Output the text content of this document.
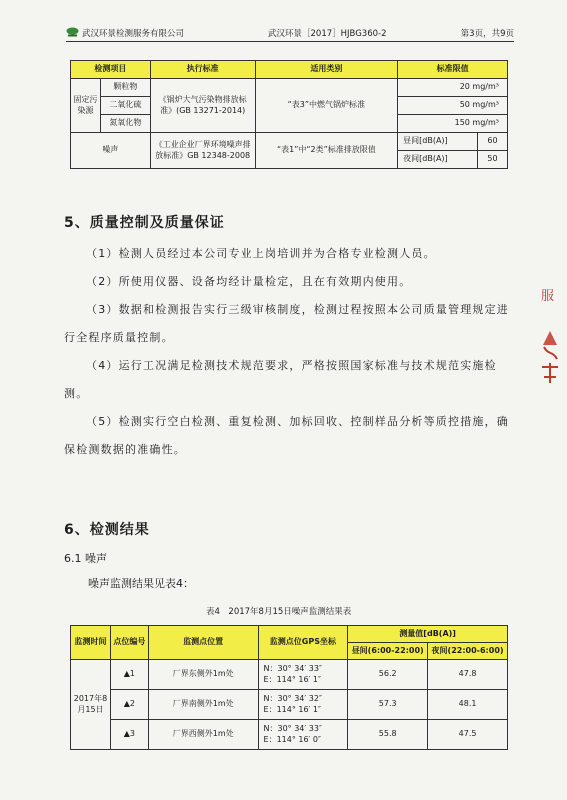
武汉环景检测服务有限公司	武汉环景［2017］HJBG360-2	第3页，共9页
检测项目		执行标准	适用类别	标准限值	
固定污染源	颗粒物	《锅炉大气污染物排放标准》(GB 13271-2014)	“表3”中燃气锅炉标准	20 mg/m³	
	二氧化硫			50 mg/m³	
	氮氧化物			150 mg/m³	
噪声		《工业企业厂界环境噪声排放标准》GB 12348-2008	“表1”中“2类”标准排放限值	昼间[dB(A)]	60
				夜间[dB(A)]	50
5、质量控制及质量保证

（1）检测人员经过本公司专业上岗培训并为合格专业检测人员。

（2）所使用仪器、设备均经计量检定，且在有效期内使用。

（3）数据和检测报告实行三级审核制度，检测过程按照本公司质量管理规定进行全程序质量控制。

（4）运行工况满足检测技术规范要求，严格按照国家标准与技术规范实施检测。

（5）检测实行空白检测、重复检测、加标回收、控制样品分析等质控措施，确保检测数据的准确性。

6、检测结果
6.1 噪声
噪声监测结果见表4：
表4　2017年8月15日噪声监测结果表
监测时间	点位编号	监测点位置	监测点位GPS坐标	测量值[dB(A)]	
				昼间(6:00-22:00)	夜间(22:00-6:00)
2017年8月15日	▲1	厂界东侧外1m处	N：30° 34′ 33″
E：114° 16′ 1″	56.2	47.8
	▲2	厂界南侧外1m处	N：30° 34′ 32″
E：114° 16′ 1″	57.3	48.1
	▲3	厂界西侧外1m处	N：30° 34′ 33″
E：114° 16′ 0″	55.8	47.5
服
